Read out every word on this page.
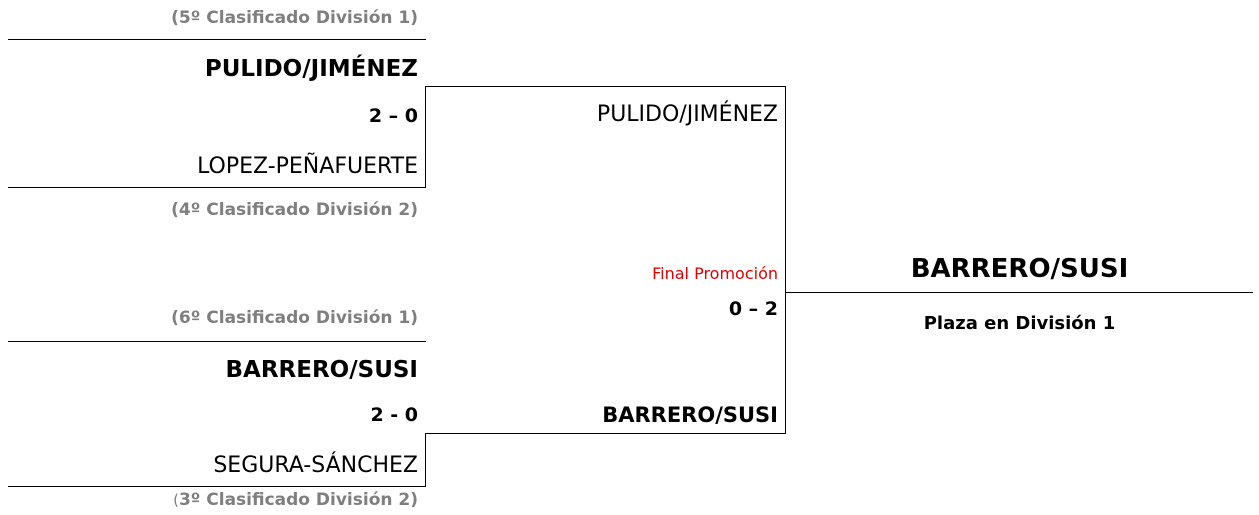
(5º Clasificado División 1)
PULIDO/JIMÉNEZ
2 – 0
LOPEZ-PEÑAFUERTE
(4º Clasificado División 2)
(6º Clasificado División 1)
BARRERO/SUSI
2 - 0
SEGURA-SÁNCHEZ
(3º Clasificado División 2)
PULIDO/JIMÉNEZ
Final Promoción
0 – 2
BARRERO/SUSI
BARRERO/SUSI
Plaza en División 1
